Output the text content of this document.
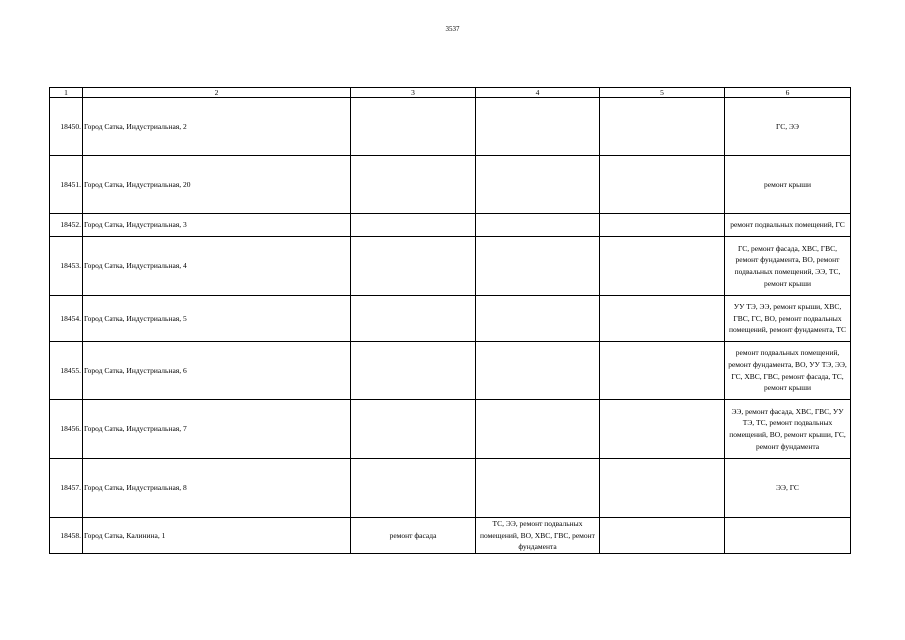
3537
1	2	3	4	5	6
18450.	Город Сатка, Индустриальная, 2				ГС, ЭЭ
18451.	Город Сатка, Индустриальная, 20				ремонт крыши
18452.	Город Сатка, Индустриальная, 3				ремонт подвальных помещений, ГС
18453.	Город Сатка, Индустриальная, 4				ГС, ремонт фасада, ХВС, ГВС, ремонт фундамента, ВО, ремонт подвальных помещений, ЭЭ, ТС, ремонт крыши
18454.	Город Сатка, Индустриальная, 5				УУ ТЭ, ЭЭ, ремонт крыши, ХВС, ГВС, ГС, ВО, ремонт подвальных помещений, ремонт фундамента, ТС
18455.	Город Сатка, Индустриальная, 6				ремонт подвальных помещений, ремонт фундамента, ВО, УУ ТЭ, ЭЭ, ГС, ХВС, ГВС, ремонт фасада, ТС, ремонт крыши
18456.	Город Сатка, Индустриальная, 7				ЭЭ, ремонт фасада, ХВС, ГВС, УУ ТЭ, ТС, ремонт подвальных помещений, ВО, ремонт крыши, ГС, ремонт фундамента
18457.	Город Сатка, Индустриальная, 8				ЭЭ, ГС
18458.	Город Сатка, Калинина, 1	ремонт фасада	ТС, ЭЭ, ремонт подвальных помещений, ВО, ХВС, ГВС, ремонт фундамента		
